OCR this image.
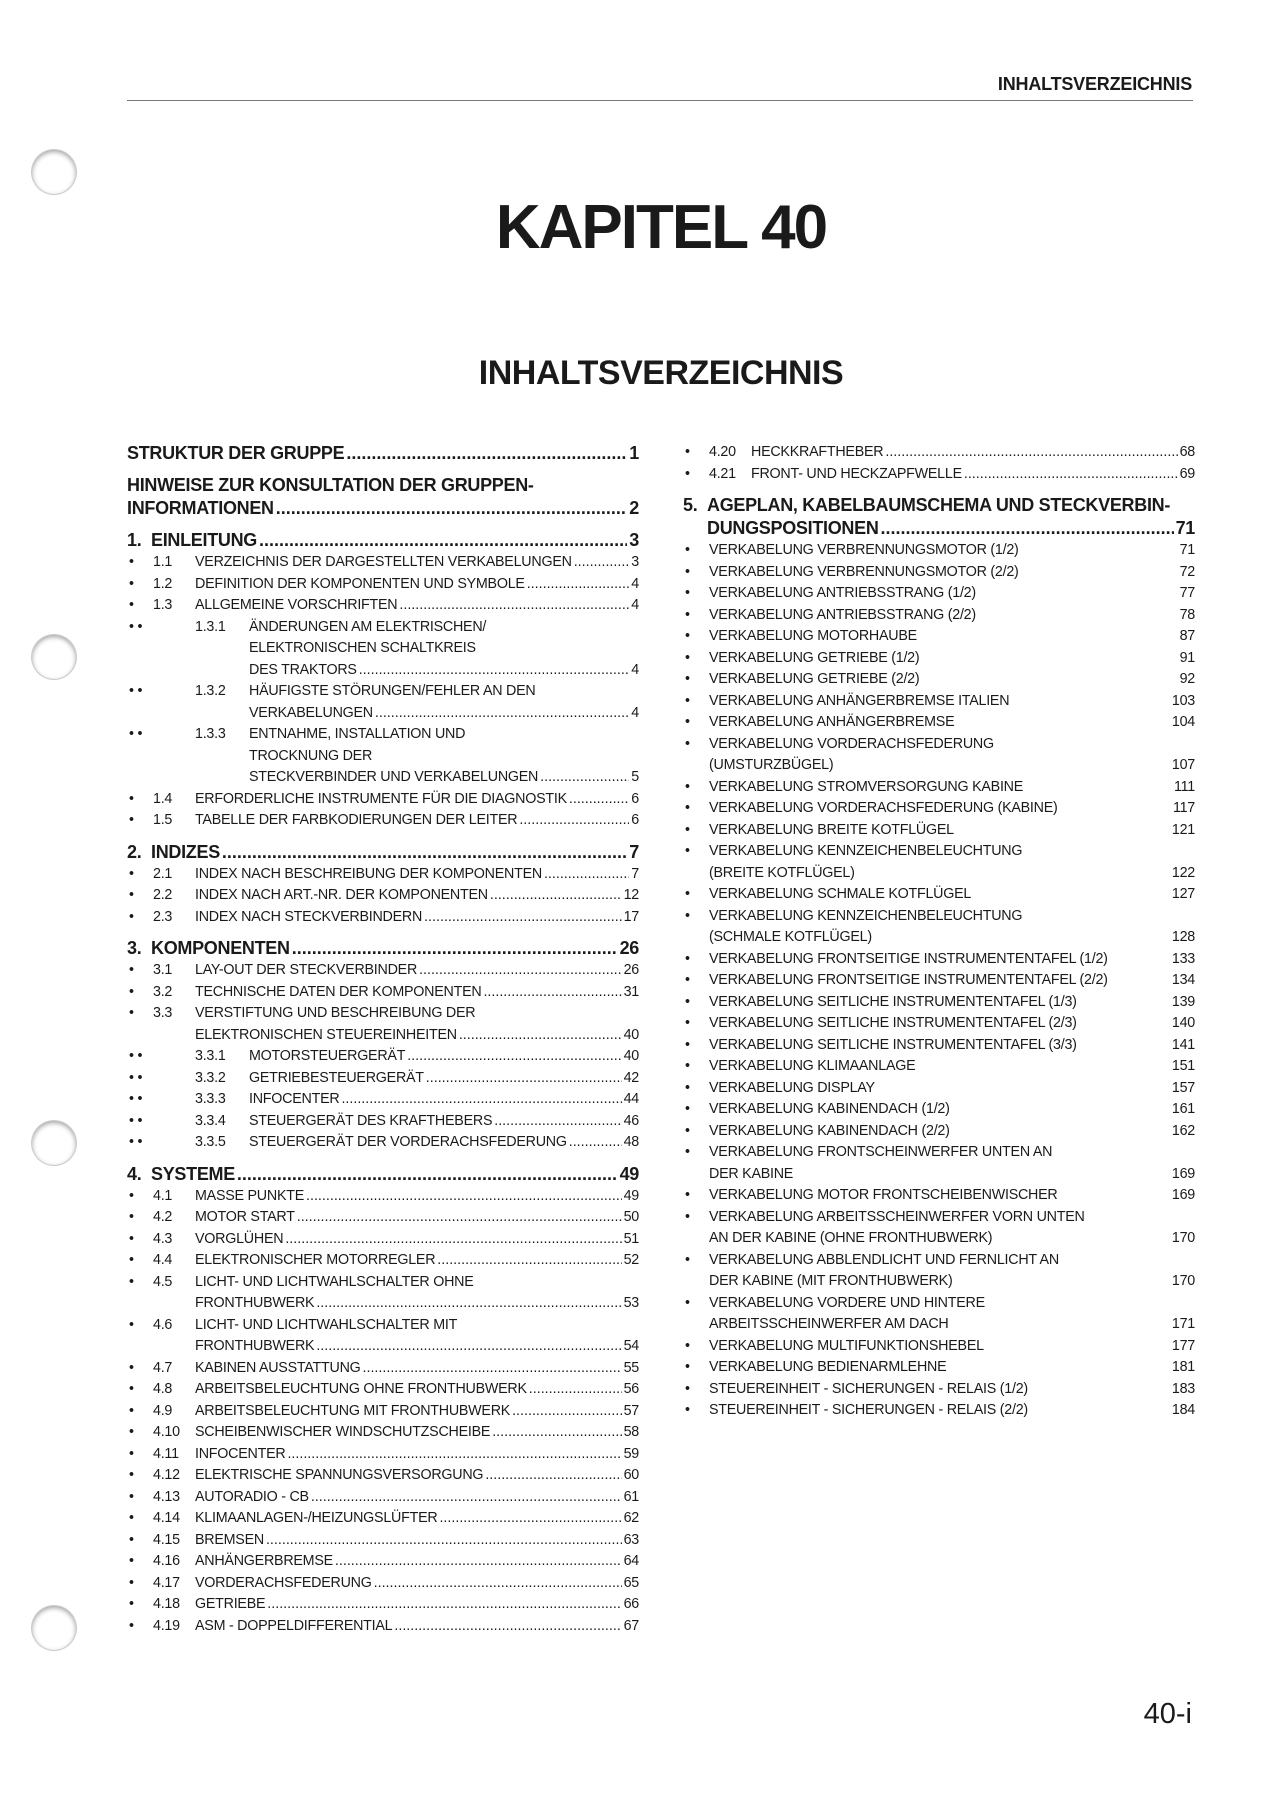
INHALTSVERZEICHNIS
KAPITEL 40
INHALTSVERZEICHNIS
STRUKTUR DER GRUPPE .....	1
HINWEISE ZUR KONSULTATION DER GRUPPEN-
INFORMATIONEN .....	2
1. EINLEITUNG .....	3
• 1.1 VERZEICHNIS DER DARGESTELLTEN VERKABELUNGEN .....	3
• 1.2 DEFINITION DER KOMPONENTEN UND SYMBOLE .....	4
• 1.3 ALLGEMEINE VORSCHRIFTEN .....	4
• •	1.3.1 ÄNDERUNGEN AM ELEKTRISCHEN/
ELEKTRONISCHEN SCHALTKREIS
DES TRAKTORS .....	4
• •	1.3.2 HÄUFIGSTE STÖRUNGEN/FEHLER AN DEN
VERKABELUNGEN .....	4
• •	1.3.3 ENTNAHME, INSTALLATION UND
TROCKNUNG DER
STECKVERBINDER UND VERKABELUNGEN .....	5
• 1.4 ERFORDERLICHE INSTRUMENTE FÜR DIE DIAGNOSTIK .....	6
• 1.5 TABELLE DER FARBKODIERUNGEN DER LEITER .....	6
2. INDIZES .....	7
• 2.1 INDEX NACH BESCHREIBUNG DER KOMPONENTEN .....	7
• 2.2 INDEX NACH ART.-NR. DER KOMPONENTEN .....	12
• 2.3 INDEX NACH STECKVERBINDERN .....	17
3. KOMPONENTEN .....	26
• 3.1 LAY-OUT DER STECKVERBINDER .....	26
• 3.2 TECHNISCHE DATEN DER KOMPONENTEN .....	31
• 3.3 VERSTIFTUNG UND BESCHREIBUNG DER
ELEKTRONISCHEN STEUEREINHEITEN .....	40
• •	3.3.1 MOTORSTEUERGERÄT .....	40
• •	3.3.2 GETRIEBESTEUERGERÄT .....	42
• •	3.3.3 INFOCENTER .....	44
• •	3.3.4 STEUERGERÄT DES KRAFTHEBERS .....	46
• •	3.3.5 STEUERGERÄT DER VORDERACHSFEDERUNG .....	48
4. SYSTEME .....	49
• 4.1 MASSE PUNKTE .....	49
• 4.2 MOTOR START .....	50
• 4.3 VORGLÜHEN .....	51
• 4.4 ELEKTRONISCHER MOTORREGLER .....	52
• 4.5 LICHT- UND LICHTWAHLSCHALTER OHNE
FRONTHUBWERK .....	53
• 4.6 LICHT- UND LICHTWAHLSCHALTER MIT
FRONTHUBWERK .....	54
• 4.7 KABINEN AUSSTATTUNG .....	55
• 4.8 ARBEITSBELEUCHTUNG OHNE FRONTHUBWERK .....	56
• 4.9 ARBEITSBELEUCHTUNG MIT FRONTHUBWERK .....	57
• 4.10 SCHEIBENWISCHER WINDSCHUTZSCHEIBE .....	58
• 4.11 INFOCENTER .....	59
• 4.12 ELEKTRISCHE SPANNUNGSVERSORGUNG .....	60
• 4.13 AUTORADIO - CB .....	61
• 4.14 KLIMAANLAGEN-/HEIZUNGSLÜFTER .....	62
• 4.15 BREMSEN .....	63
• 4.16 ANHÄNGERBREMSE .....	64
• 4.17 VORDERACHSFEDERUNG .....	65
• 4.18 GETRIEBE .....	66
• 4.19 ASM - DOPPELDIFFERENTIAL .....	67
• 4.20 HECKKRAFTHEBER .....	68
• 4.21 FRONT- UND HECKZAPFWELLE .....	69
5. AGEPLAN, KABELBAUMSCHEMA UND STECKVERBIN-
DUNGSPOSITIONEN .....	71
• VERKABELUNG VERBRENNUNGSMOTOR (1/2)	71
• VERKABELUNG VERBRENNUNGSMOTOR (2/2)	72
• VERKABELUNG ANTRIEBSSTRANG (1/2)	77
• VERKABELUNG ANTRIEBSSTRANG (2/2)	78
• VERKABELUNG MOTORHAUBE	87
• VERKABELUNG GETRIEBE (1/2)	91
• VERKABELUNG GETRIEBE (2/2)	92
• VERKABELUNG ANHÄNGERBREMSE ITALIEN	103
• VERKABELUNG ANHÄNGERBREMSE	104
• VERKABELUNG VORDERACHSFEDERUNG
(UMSTURZBÜGEL)	107
• VERKABELUNG STROMVERSORGUNG KABINE	111
• VERKABELUNG VORDERACHSFEDERUNG (KABINE)	117
• VERKABELUNG BREITE KOTFLÜGEL	121
• VERKABELUNG KENNZEICHENBELEUCHTUNG
(BREITE KOTFLÜGEL)	122
• VERKABELUNG SCHMALE KOTFLÜGEL	127
• VERKABELUNG KENNZEICHENBELEUCHTUNG
(SCHMALE KOTFLÜGEL)	128
• VERKABELUNG FRONTSEITIGE INSTRUMENTENTAFEL (1/2)	133
• VERKABELUNG FRONTSEITIGE INSTRUMENTENTAFEL (2/2)	134
• VERKABELUNG SEITLICHE INSTRUMENTENTAFEL (1/3)	139
• VERKABELUNG SEITLICHE INSTRUMENTENTAFEL (2/3)	140
• VERKABELUNG SEITLICHE INSTRUMENTENTAFEL (3/3)	141
• VERKABELUNG KLIMAANLAGE	151
• VERKABELUNG DISPLAY	157
• VERKABELUNG KABINENDACH (1/2)	161
• VERKABELUNG KABINENDACH (2/2)	162
• VERKABELUNG FRONTSCHEINWERFER UNTEN AN
DER KABINE	169
• VERKABELUNG MOTOR FRONTSCHEIBENWISCHER	169
• VERKABELUNG ARBEITSSCHEINWERFER VORN UNTEN
AN DER KABINE (OHNE FRONTHUBWERK)	170
• VERKABELUNG ABBLENDLICHT UND FERNLICHT AN
DER KABINE (MIT FRONTHUBWERK)	170
• VERKABELUNG VORDERE UND HINTERE
ARBEITSSCHEINWERFER AM DACH	171
• VERKABELUNG MULTIFUNKTIONSHEBEL	177
• VERKABELUNG BEDIENARMLEHNE	181
• STEUEREINHEIT - SICHERUNGEN - RELAIS (1/2)	183
• STEUEREINHEIT - SICHERUNGEN - RELAIS (2/2)	184
40-i
